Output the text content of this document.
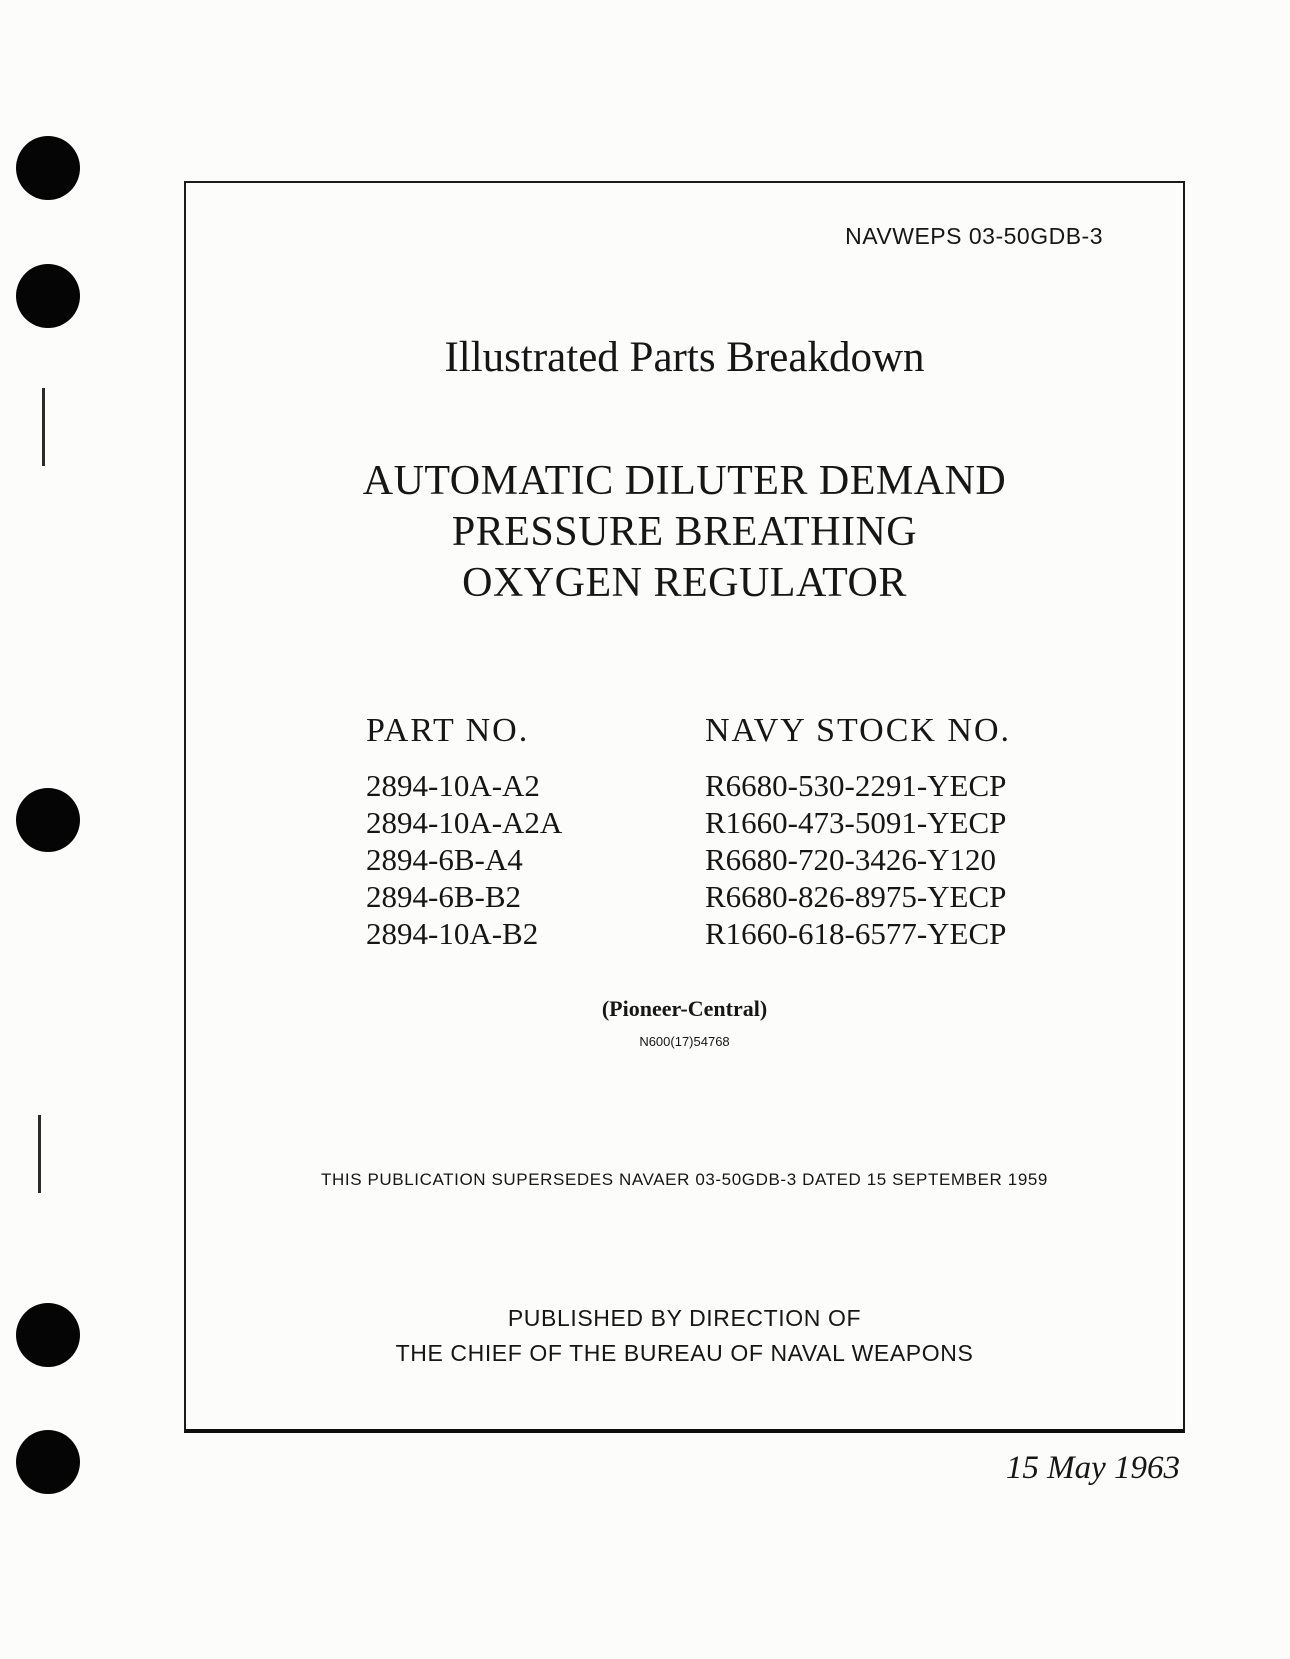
NAVWEPS 03-50GDB-3
Illustrated Parts Breakdown
AUTOMATIC DILUTER DEMAND
PRESSURE BREATHING
OXYGEN REGULATOR
PART NO.
2894-10A-A2
2894-10A-A2A
2894-6B-A4
2894-6B-B2
2894-10A-B2
NAVY STOCK NO.
R6680-530-2291-YECP
R1660-473-5091-YECP
R6680-720-3426-Y120
R6680-826-8975-YECP
R1660-618-6577-YECP
(Pioneer-Central)
N600(17)54768
THIS PUBLICATION SUPERSEDES NAVAER 03-50GDB-3 DATED 15 SEPTEMBER 1959
PUBLISHED BY DIRECTION OF
THE CHIEF OF THE BUREAU OF NAVAL WEAPONS
15 May 1963
